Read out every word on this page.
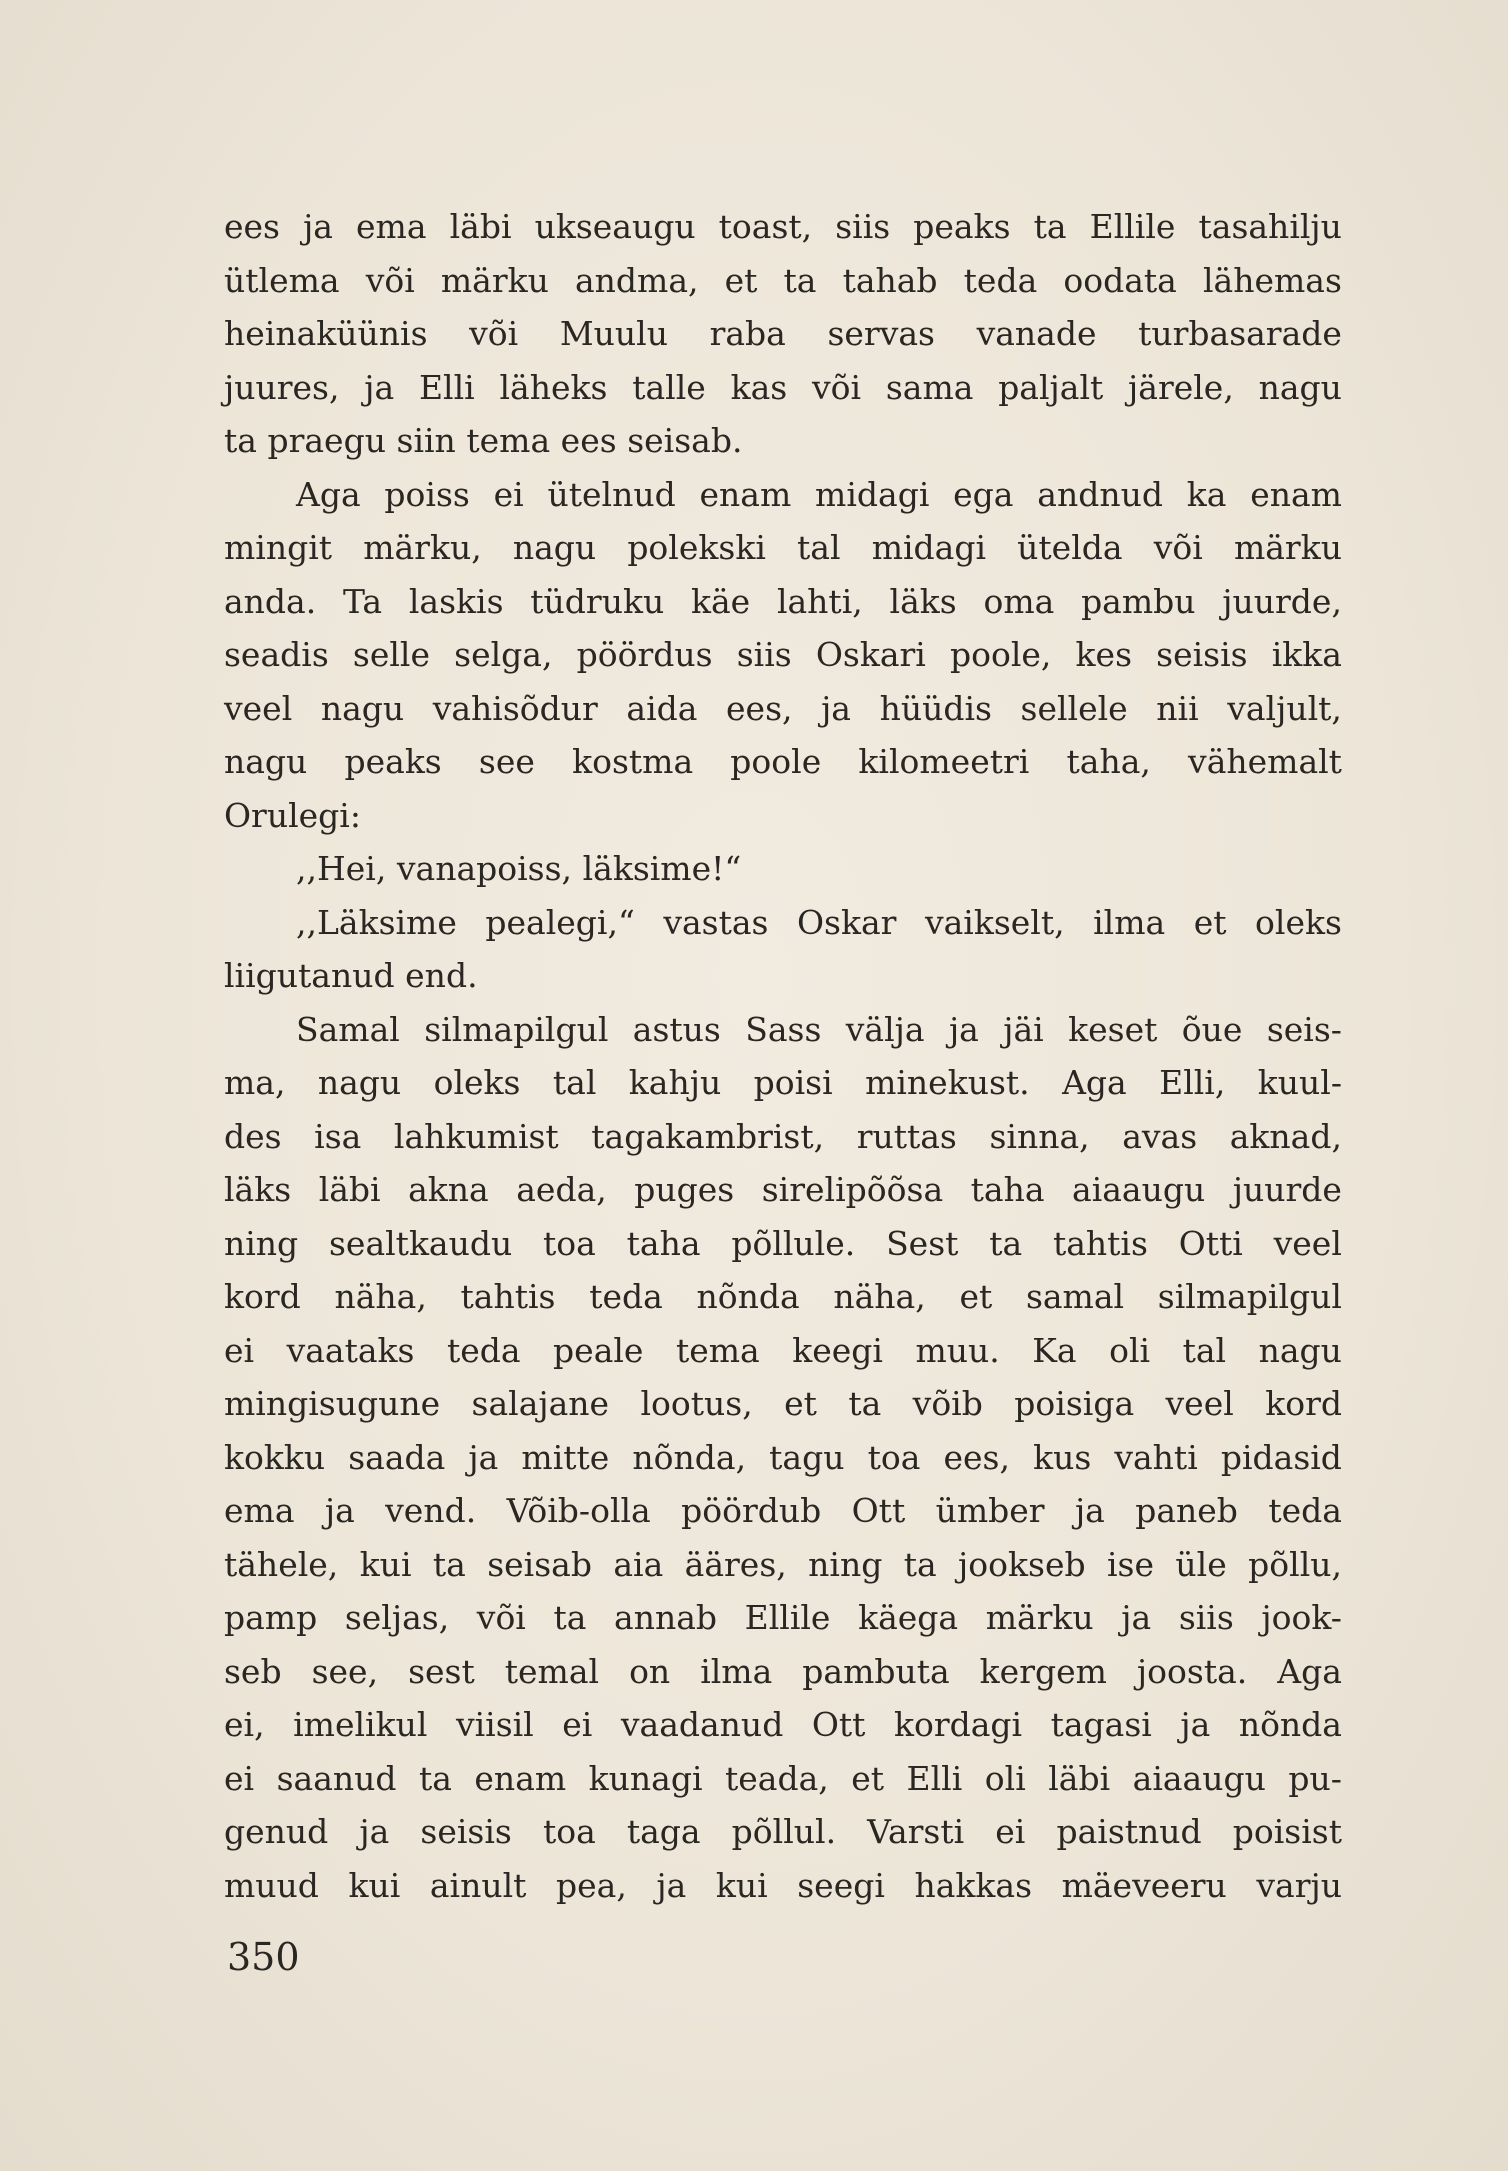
ees ja ema läbi ukseaugu toast, siis peaks ta Ellile tasahilju
ütlema või märku andma, et ta tahab teda oodata lähemas
heinaküünis või Muulu raba servas vanade turbasarade
juures, ja Elli läheks talle kas või sama paljalt järele, nagu
ta praegu siin tema ees seisab.
Aga poiss ei ütelnud enam midagi ega andnud ka enam
mingit märku, nagu polekski tal midagi ütelda või märku
anda. Ta laskis tüdruku käe lahti, läks oma pambu juurde,
seadis selle selga, pöördus siis Oskari poole, kes seisis ikka
veel nagu vahisõdur aida ees, ja hüüdis sellele nii valjult,
nagu peaks see kostma poole kilomeetri taha, vähemalt
Orulegi:
,,Hei, vanapoiss, läksime!“
,,Läksime pealegi,“ vastas Oskar vaikselt, ilma et oleks
liigutanud end.
Samal silmapilgul astus Sass välja ja jäi keset õue seis-
ma, nagu oleks tal kahju poisi minekust. Aga Elli, kuul-
des isa lahkumist tagakambrist, ruttas sinna, avas aknad,
läks läbi akna aeda, puges sirelipõõsa taha aiaaugu juurde
ning sealtkaudu toa taha põllule. Sest ta tahtis Otti veel
kord näha, tahtis teda nõnda näha, et samal silmapilgul
ei vaataks teda peale tema keegi muu. Ka oli tal nagu
mingisugune salajane lootus, et ta võib poisiga veel kord
kokku saada ja mitte nõnda, tagu toa ees, kus vahti pidasid
ema ja vend. Võib-olla pöördub Ott ümber ja paneb teda
tähele, kui ta seisab aia ääres, ning ta jookseb ise üle põllu,
pamp seljas, või ta annab Ellile käega märku ja siis jook-
seb see, sest temal on ilma pambuta kergem joosta. Aga
ei, imelikul viisil ei vaadanud Ott kordagi tagasi ja nõnda
ei saanud ta enam kunagi teada, et Elli oli läbi aiaaugu pu-
genud ja seisis toa taga põllul. Varsti ei paistnud poisist
muud kui ainult pea, ja kui seegi hakkas mäeveeru varju
350
